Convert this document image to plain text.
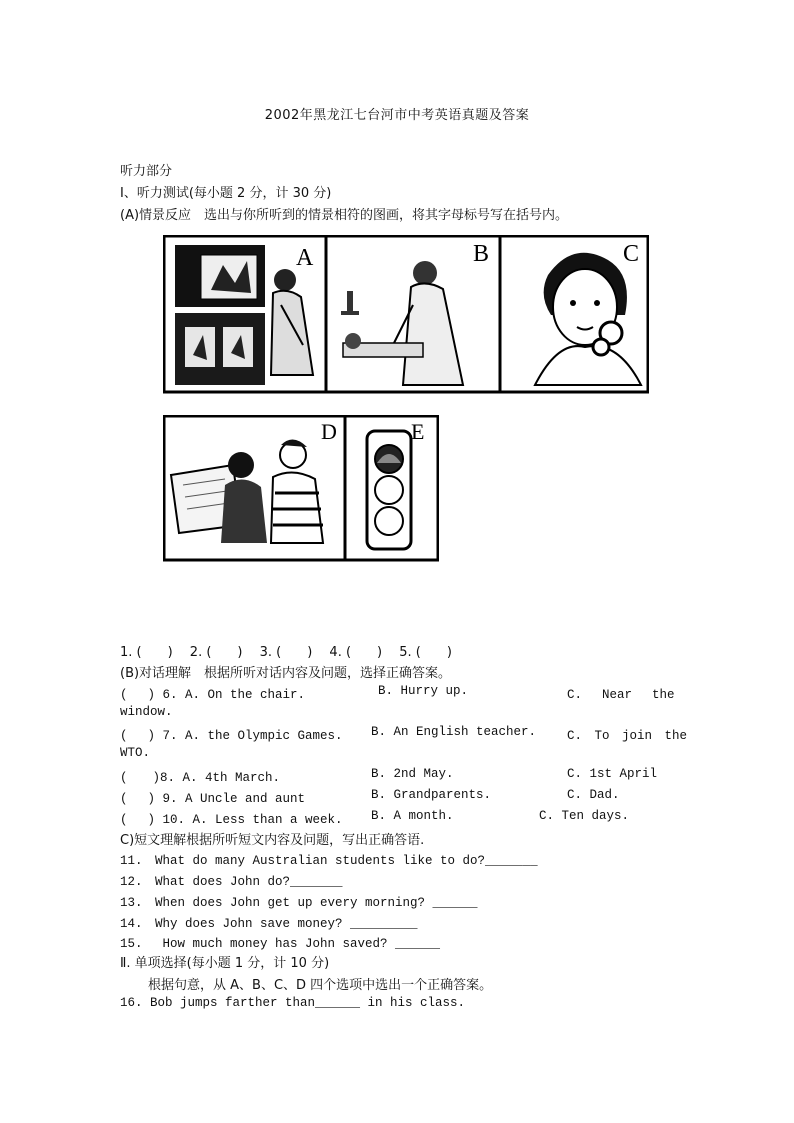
2002年黑龙江七台河市中考英语真题及答案
听力部分
I、听力测试(每小题 2 分，计 30 分)
(A)情景反应　选出与你所听到的情景相符的图画，将其字母标号写在括号内。
A	B	C
D	E
1. (　　)　 2. (　　)　 3. (　　)　 4. (　　)　 5. (　　)
(B)对话理解　根据所听对话内容及问题，选择正确答案。
(　 ) 6. A. On the chair.	B. Hurry up.	C.　 Near　 the
window.
(　 ) 7. A. the Olympic Games. B. An English teacher. C.　To　join　the
WTO.
(　　)8. A. 4th March.	B. 2nd May.	C. 1st April
(　 ) 9. A Uncle and aunt	B. Grandparents.	C. Dad.
(　 ) 10. A. Less than a week. B. A month.	C. Ten days.
C)短文理解根据所听短文内容及问题，写出正确答语.
11.　What do many Australian students like to do?_______
12.　What does John do?_______
13.　When does John get up every morning? ______
14.　Why does John save money? _________
15.　 How much money has John saved? ______
Ⅱ. 单项选择(每小题 1 分，计 10 分)
根据句意，从 A、B、C、D 四个选项中选出一个正确答案。
16. Bob jumps farther than______ in his class.
